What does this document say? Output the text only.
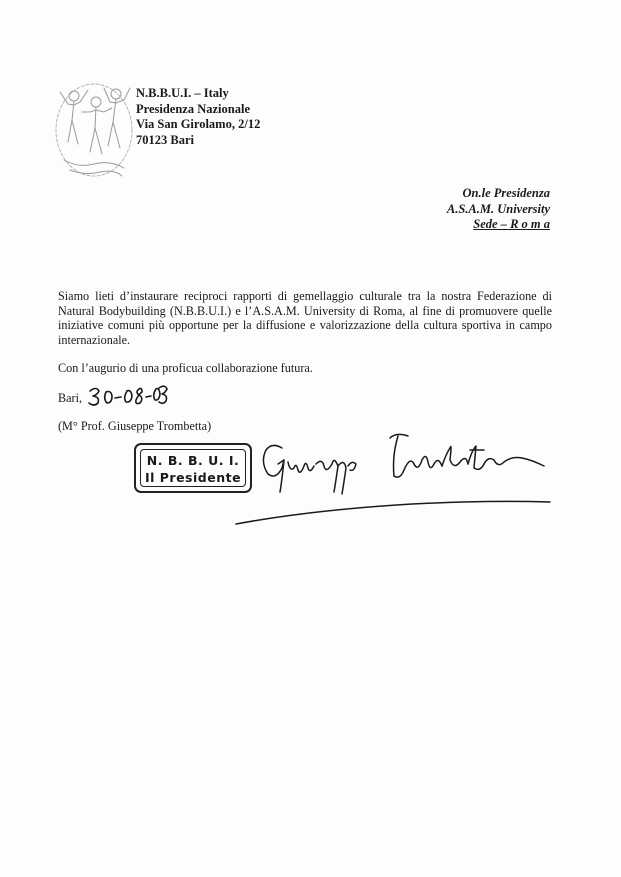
N.B.B.U.I. – Italy
Presidenza Nazionale
Via San Girolamo, 2/12
70123 Bari
On.le Presidenza
A.S.A.M. University
Sede – R o m a
Siamo lieti d’instaurare reciproci rapporti di gemellaggio culturale tra la nostra Federazione di Natural Bodybuilding (N.B.B.U.I.) e l’A.S.A.M. University di Roma, al fine di promuovere quelle iniziative comuni più opportune per la diffusione e valorizzazione della cultura sportiva in campo internazionale.
Con l’augurio di una proficua collaborazione futura.
Bari,
(M° Prof. Giuseppe Trombetta)
N. B. B. U. I.
Il Presidente
